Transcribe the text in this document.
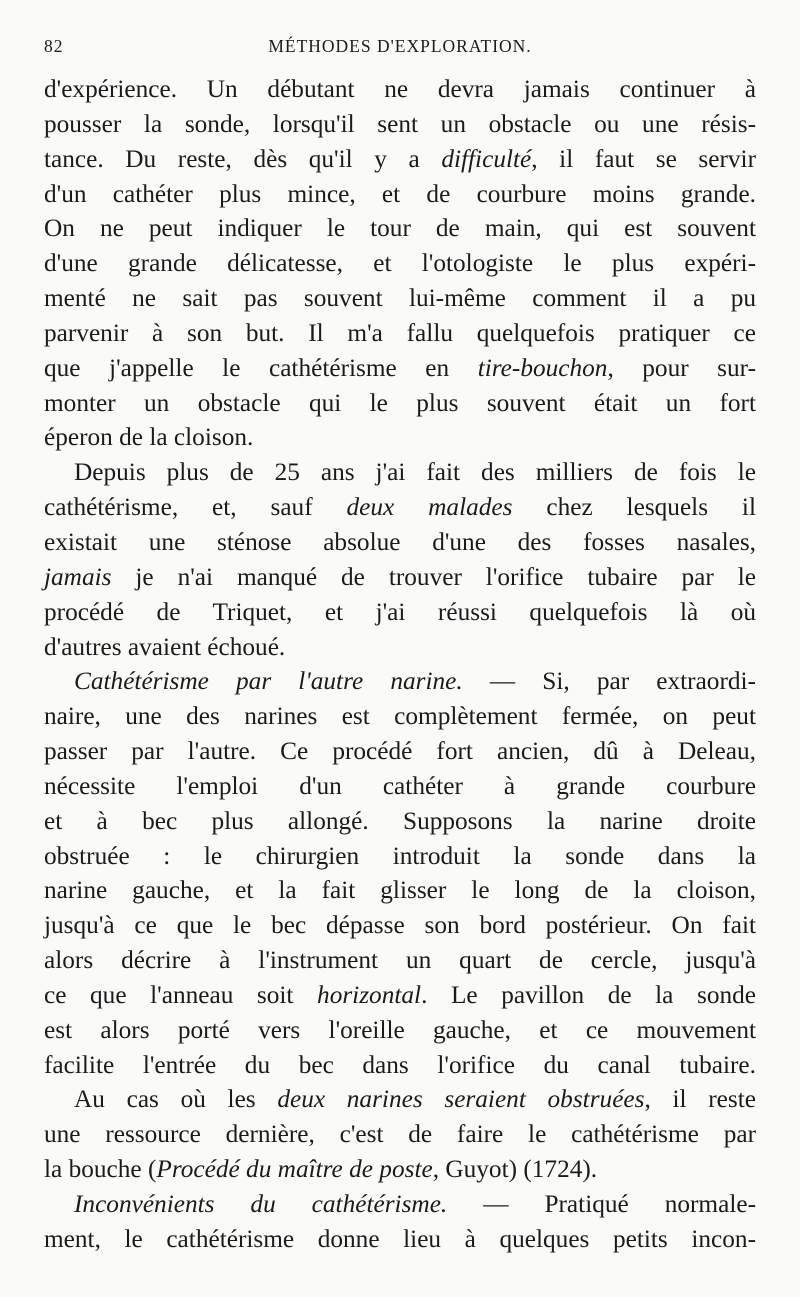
82	MÉTHODES D'EXPLORATION.
d'expérience. Un débutant ne devra jamais continuer à
pousser la sonde, lorsqu'il sent un obstacle ou une résis-
tance. Du reste, dès qu'il y a difficulté, il faut se servir
d'un cathéter plus mince, et de courbure moins grande.
On ne peut indiquer le tour de main, qui est souvent
d'une grande délicatesse, et l'otologiste le plus expéri-
menté ne sait pas souvent lui-même comment il a pu
parvenir à son but. Il m'a fallu quelquefois pratiquer ce
que j'appelle le cathétérisme en tire-bouchon, pour sur-
monter un obstacle qui le plus souvent était un fort
éperon de la cloison.
Depuis plus de 25 ans j'ai fait des milliers de fois le
cathétérisme, et, sauf deux malades chez lesquels il
existait une sténose absolue d'une des fosses nasales,
jamais je n'ai manqué de trouver l'orifice tubaire par le
procédé de Triquet, et j'ai réussi quelquefois là où
d'autres avaient échoué.
Cathétérisme par l'autre narine. — Si, par extraordi-
naire, une des narines est complètement fermée, on peut
passer par l'autre. Ce procédé fort ancien, dû à Deleau,
nécessite l'emploi d'un cathéter à grande courbure
et à bec plus allongé. Supposons la narine droite
obstruée : le chirurgien introduit la sonde dans la
narine gauche, et la fait glisser le long de la cloison,
jusqu'à ce que le bec dépasse son bord postérieur. On fait
alors décrire à l'instrument un quart de cercle, jusqu'à
ce que l'anneau soit horizontal. Le pavillon de la sonde
est alors porté vers l'oreille gauche, et ce mouvement
facilite l'entrée du bec dans l'orifice du canal tubaire.
Au cas où les deux narines seraient obstruées, il reste
une ressource dernière, c'est de faire le cathétérisme par
la bouche (Procédé du maître de poste, Guyot) (1724).
Inconvénients du cathétérisme. — Pratiqué normale-
ment, le cathétérisme donne lieu à quelques petits incon-
